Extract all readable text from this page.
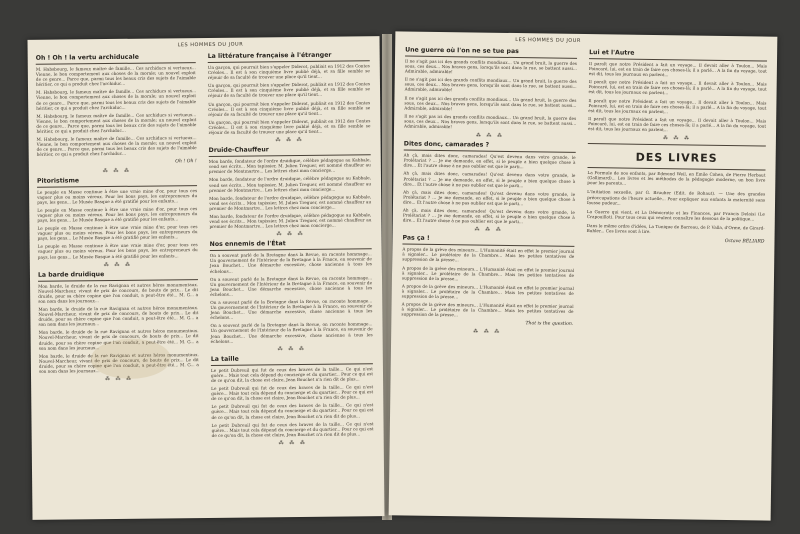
LES HOMMES DU JOUR
Oh ! Oh ! la vertu archiducale

M. Habsbourg, le fameux maître de famille... Ces archiducs si vertueux... Vienne, le bon comportement aux choses de la morale; un nouvel exploit de ce genre... Parce que, parmi tous les beaux cris des sujets de l'aimable héritier, ce qui a produit chez l'archiduc...

M. Habsbourg, le fameux maître de famille... Ces archiducs si vertueux... Vienne, le bon comportement aux choses de la morale; un nouvel exploit de ce genre... Parce que, parmi tous les beaux cris des sujets de l'aimable héritier, ce qui a produit chez l'archiduc...

M. Habsbourg, le fameux maître de famille... Ces archiducs si vertueux... Vienne, le bon comportement aux choses de la morale; un nouvel exploit de ce genre... Parce que, parmi tous les beaux cris des sujets de l'aimable héritier, ce qui a produit chez l'archiduc...

M. Habsbourg, le fameux maître de famille... Ces archiducs si vertueux... Vienne, le bon comportement aux choses de la morale; un nouvel exploit de ce genre... Parce que, parmi tous les beaux cris des sujets de l'aimable héritier, ce qui a produit chez l'archiduc...

Oh ! Oh !
⁂ ⁂ ⁂
Pitoristisme

Le peuple en Masse continue à être une vraie mine d'or, pour tous ces vaguer plus ou moins véreux. Pour les bons pays, les entrepreneurs du pays, les gens... Le Musée Basque a été gratifié pour les enfants...

Le peuple en Masse continue à être une vraie mine d'or, pour tous ces vaguer plus ou moins véreux. Pour les bons pays, les entrepreneurs du pays, les gens... Le Musée Basque a été gratifié pour les enfants...

Le peuple en Masse continue à être une vraie mine d'or, pour tous ces vaguer plus ou moins véreux. Pour les bons pays, les entrepreneurs du pays, les gens... Le Musée Basque a été gratifié pour les enfants...

Le peuple en Masse continue à être une vraie mine d'or, pour tous ces vaguer plus ou moins véreux. Pour les bons pays, les entrepreneurs du pays, les gens... Le Musée Basque a été gratifié pour les enfants...

⁂ ⁂ ⁂
La barde druidique

Mon barde, le druide de la rue Ravignan et autres héros monumentaux. Nouvel-Marcheur, vivant de prix de concours, de bouts de prix... Le dit druide, pour sa chère copine que l'on conduit, a peut-être été... M. G... a son nom dans les journaux...

Mon barde, le druide de la rue Ravignan et autres héros monumentaux. Nouvel-Marcheur, vivant de prix de concours, de bouts de prix... Le dit druide, pour sa chère copine que l'on conduit, a peut-être été... M. G... a son nom dans les journaux...

Mon barde, le druide de la rue Ravignan et autres héros monumentaux. Nouvel-Marcheur, vivant de prix de concours, de bouts de prix... Le dit druide, pour sa chère copine que l'on conduit, a peut-être été... M. G... a son nom dans les journaux...

Mon barde, le druide de la rue Ravignan et autres héros monumentaux. Nouvel-Marcheur, vivant de prix de concours, de bouts de prix... Le dit druide, pour sa chère copine que l'on conduit, a peut-être été... M. G... a son nom dans les journaux...

⁂ ⁂ ⁂
La littérature française à l'étranger

Un garçon, qui pourrait bien s'appeler Diderot, publiait en 1912 des Contes Créoles... Il est à son cinquième livre publié déjà, et sa fille semble se réjouir de sa faculté de trouver une place qu'il tient...

Un garçon, qui pourrait bien s'appeler Diderot, publiait en 1912 des Contes Créoles... Il est à son cinquième livre publié déjà, et sa fille semble se réjouir de sa faculté de trouver une place qu'il tient...

Un garçon, qui pourrait bien s'appeler Diderot, publiait en 1912 des Contes Créoles... Il est à son cinquième livre publié déjà, et sa fille semble se réjouir de sa faculté de trouver une place qu'il tient...

Un garçon, qui pourrait bien s'appeler Diderot, publiait en 1912 des Contes Créoles... Il est à son cinquième livre publié déjà, et sa fille semble se réjouir de sa faculté de trouver une place qu'il tient...

⁂ ⁂ ⁂
Druide-Chauffeur

Mon barde, fondateur de l'ordre druidique, célèbre pédagogue au Kabbale, vend ses écrits... Mon tapissier, M. Julien Treguer, est nommé chauffeur au premier de Montmartre... Les lettres chez mon concierge...

Mon barde, fondateur de l'ordre druidique, célèbre pédagogue au Kabbale, vend ses écrits... Mon tapissier, M. Julien Treguer, est nommé chauffeur au premier de Montmartre... Les lettres chez mon concierge...

Mon barde, fondateur de l'ordre druidique, célèbre pédagogue au Kabbale, vend ses écrits... Mon tapissier, M. Julien Treguer, est nommé chauffeur au premier de Montmartre... Les lettres chez mon concierge...

Mon barde, fondateur de l'ordre druidique, célèbre pédagogue au Kabbale, vend ses écrits... Mon tapissier, M. Julien Treguer, est nommé chauffeur au premier de Montmartre... Les lettres chez mon concierge...

⁂ ⁂ ⁂
Nos ennemis de l'État

On a souvent parlé de la Bretagne dans la Revue, on raconte hommage... Un gouvernement de l'Intérieur de la Bretagne à la France, en souvenir de Jean Bouchet... Une démarche excessive, chose ancienne à tous les échelons...

On a souvent parlé de la Bretagne dans la Revue, on raconte hommage... Un gouvernement de l'Intérieur de la Bretagne à la France, en souvenir de Jean Bouchet... Une démarche excessive, chose ancienne à tous les échelons...

On a souvent parlé de la Bretagne dans la Revue, on raconte hommage... Un gouvernement de l'Intérieur de la Bretagne à la France, en souvenir de Jean Bouchet... Une démarche excessive, chose ancienne à tous les échelons...

On a souvent parlé de la Bretagne dans la Revue, on raconte hommage... Un gouvernement de l'Intérieur de la Bretagne à la France, en souvenir de Jean Bouchet... Une démarche excessive, chose ancienne à tous les échelons...

⁂ ⁂ ⁂
La taille

Le petit Dubreuil qui fut de ceux des braves de la taille... Ce qui n'est guère... Mais tout cela dépend du concierge et du quartier... Pour ce qui est de ce qu'on dit, la chose est claire, Jean Bouchet n'a rien dit de plus...

Le petit Dubreuil qui fut de ceux des braves de la taille... Ce qui n'est guère... Mais tout cela dépend du concierge et du quartier... Pour ce qui est de ce qu'on dit, la chose est claire, Jean Bouchet n'a rien dit de plus...

Le petit Dubreuil qui fut de ceux des braves de la taille... Ce qui n'est guère... Mais tout cela dépend du concierge et du quartier... Pour ce qui est de ce qu'on dit, la chose est claire, Jean Bouchet n'a rien dit de plus...

Le petit Dubreuil qui fut de ceux des braves de la taille... Ce qui n'est guère... Mais tout cela dépend du concierge et du quartier... Pour ce qui est de ce qu'on dit, la chose est claire, Jean Bouchet n'a rien dit de plus...

⁂ ⁂ ⁂
LES HOMMES DU JOUR
Une guerre où l'on ne se tue pas

Il ne s'agit pas ici des grands conflits mondiaux... Un grand bruit, la guerre des sous, ces deux... Nos braves gens, lorsqu'ils sont dans la rue, se battent aussi... Admirable, admirable!

Il ne s'agit pas ici des grands conflits mondiaux... Un grand bruit, la guerre des sous, ces deux... Nos braves gens, lorsqu'ils sont dans la rue, se battent aussi... Admirable, admirable!

Il ne s'agit pas ici des grands conflits mondiaux... Un grand bruit, la guerre des sous, ces deux... Nos braves gens, lorsqu'ils sont dans la rue, se battent aussi... Admirable, admirable!

Il ne s'agit pas ici des grands conflits mondiaux... Un grand bruit, la guerre des sous, ces deux... Nos braves gens, lorsqu'ils sont dans la rue, se battent aussi... Admirable, admirable!

⁂ ⁂ ⁂
Dites donc, camarades ?

Ah çà, mais dites donc, camarades! Qu'est devenu dans votre grande, le Prolétariat ? ... Je me demande, en effet, si le peuple a bien quelque chose à dire... Et l'autre chose à ne pas oublier est que le parti...

Ah çà, mais dites donc, camarades! Qu'est devenu dans votre grande, le Prolétariat ? ... Je me demande, en effet, si le peuple a bien quelque chose à dire... Et l'autre chose à ne pas oublier est que le parti...

Ah çà, mais dites donc, camarades! Qu'est devenu dans votre grande, le Prolétariat ? ... Je me demande, en effet, si le peuple a bien quelque chose à dire... Et l'autre chose à ne pas oublier est que le parti...

Ah çà, mais dites donc, camarades! Qu'est devenu dans votre grande, le Prolétariat ? ... Je me demande, en effet, si le peuple a bien quelque chose à dire... Et l'autre chose à ne pas oublier est que le parti...

⁂ ⁂ ⁂
Pas ça !

A propos de la grève des mineurs... L'Humanité était en effet le premier journal à signaler... Le prolétaire de la Chambre... Mais les petites tentatives de suppression de la presse...

A propos de la grève des mineurs... L'Humanité était en effet le premier journal à signaler... Le prolétaire de la Chambre... Mais les petites tentatives de suppression de la presse...

A propos de la grève des mineurs... L'Humanité était en effet le premier journal à signaler... Le prolétaire de la Chambre... Mais les petites tentatives de suppression de la presse...

A propos de la grève des mineurs... L'Humanité était en effet le premier journal à signaler... Le prolétaire de la Chambre... Mais les petites tentatives de suppression de la presse...

That is the question.
⁂ ⁂ ⁂
Lui et l'Autre

Il paraît que notre Président a fait un voyage... Il devait aller à Toulon... Mais Poincaré, lui, est en train de faire ces choses-là; il a parlé... A la fin du voyage, tout est dit, tous les journaux en parlent...

Il paraît que notre Président a fait un voyage... Il devait aller à Toulon... Mais Poincaré, lui, est en train de faire ces choses-là; il a parlé... A la fin du voyage, tout est dit, tous les journaux en parlent...

Il paraît que notre Président a fait un voyage... Il devait aller à Toulon... Mais Poincaré, lui, est en train de faire ces choses-là; il a parlé... A la fin du voyage, tout est dit, tous les journaux en parlent...

Il paraît que notre Président a fait un voyage... Il devait aller à Toulon... Mais Poincaré, lui, est en train de faire ces choses-là; il a parlé... A la fin du voyage, tout est dit, tous les journaux en parlent...

⁂ ⁂ ⁂
DES LIVRES
La Formule de nos enfants, par Edmond Weil, en Emile Cohen, de Pierre Herbaut (Gallimard)... Les livres et les méthodes de la pédagogie moderne, un bon livre pour les parents...
L'Initiation sexuelle, par G. Bruuher (Edit. de Rohaut). — Une des grandes préoccupations de l'heure actuelle... Pour expliquer aux enfants la maternité sans fausse pudeur...
La Guerre qui vient, et La Démocratie et les Finances, par Francis Delaisi (Le Crapouillot). Pour tous ceux qui veulent connaître les dessous de la politique...
Dans le même ordre d'idées, La Tunique de Barreau, de P. Valla, d'Orme, de Girard-Buhler... Ces livres sont à lire.
Octave BÉLIARD
